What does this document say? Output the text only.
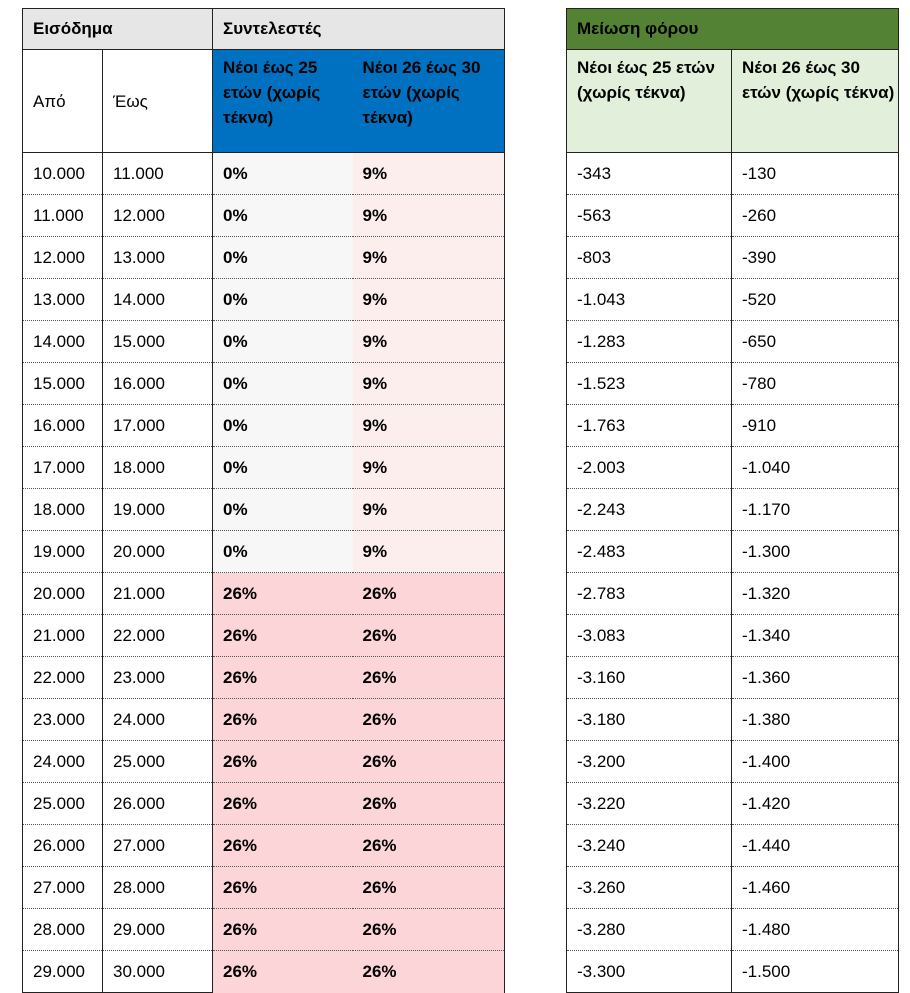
Εισόδημα		Συντελεστές	
Από	Έως	Νέοι έως 25 ετών (χωρίς τέκνα)	Νέοι 26 έως 30 ετών (χωρίς τέκνα)
10.000	11.000	0%	9%
11.000	12.000	0%	9%
12.000	13.000	0%	9%
13.000	14.000	0%	9%
14.000	15.000	0%	9%
15.000	16.000	0%	9%
16.000	17.000	0%	9%
17.000	18.000	0%	9%
18.000	19.000	0%	9%
19.000	20.000	0%	9%
20.000	21.000	26%	26%
21.000	22.000	26%	26%
22.000	23.000	26%	26%
23.000	24.000	26%	26%
24.000	25.000	26%	26%
25.000	26.000	26%	26%
26.000	27.000	26%	26%
27.000	28.000	26%	26%
28.000	29.000	26%	26%
29.000	30.000	26%	26%
Μείωση φόρου	
Νέοι έως 25 ετών (χωρίς τέκνα)	Νέοι 26 έως 30 ετών (χωρίς τέκνα)
-343	-130
-563	-260
-803	-390
-1.043	-520
-1.283	-650
-1.523	-780
-1.763	-910
-2.003	-1.040
-2.243	-1.170
-2.483	-1.300
-2.783	-1.320
-3.083	-1.340
-3.160	-1.360
-3.180	-1.380
-3.200	-1.400
-3.220	-1.420
-3.240	-1.440
-3.260	-1.460
-3.280	-1.480
-3.300	-1.500
